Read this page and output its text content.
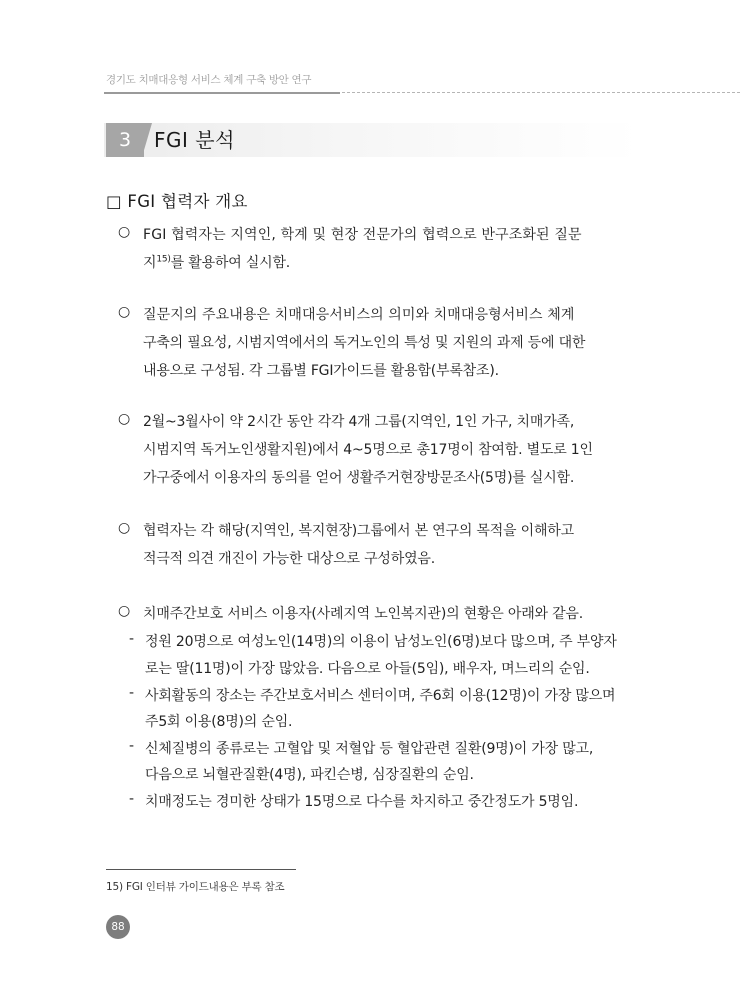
경기도 치매대응형 서비스 체계 구축 방안 연구
3	FGI 분석
□ FGI 협력자 개요
○ FGI 협력자는 지역인, 학계 및 현장 전문가의 협력으로 반구조화된 질문
지$^{15)}$를 활용하여 실시함.
○ 질문지의 주요내용은 치매대응서비스의 의미와 치매대응형서비스 체계
구축의 필요성, 시범지역에서의 독거노인의 특성 및 지원의 과제 등에 대한
내용으로 구성됨. 각 그룹별 FGI가이드를 활용함(부록참조).
○ 2월~3월사이 약 2시간 동안 각각 4개 그룹(지역인, 1인 가구, 치매가족,
시범지역 독거노인생활지원)에서 4~5명으로 총17명이 참여함. 별도로 1인
가구중에서 이용자의 동의를 얻어 생활주거현장방문조사(5명)를 실시함.
○ 협력자는 각 해당(지역인, 복지현장)그룹에서 본 연구의 목적을 이해하고
적극적 의견 개진이 가능한 대상으로 구성하였음.
○ 치매주간보호 서비스 이용자(사례지역 노인복지관)의 현황은 아래와 같음.
- 정원 20명으로 여성노인(14명)의 이용이 남성노인(6명)보다 많으며, 주 부양자
로는 딸(11명)이 가장 많았음. 다음으로 아들(5임), 배우자, 며느리의 순임.
- 사회활동의 장소는 주간보호서비스 센터이며, 주6회 이용(12명)이 가장 많으며
주5회 이용(8명)의 순임.
- 신체질병의 종류로는 고혈압 및 저혈압 등 혈압관련 질환(9명)이 가장 많고,
다음으로 뇌혈관질환(4명), 파킨슨병, 심장질환의 순임.
- 치매정도는 경미한 상태가 15명으로 다수를 차지하고 중간정도가 5명임.
15) FGI 인터뷰 가이드내용은 부록 참조
88
